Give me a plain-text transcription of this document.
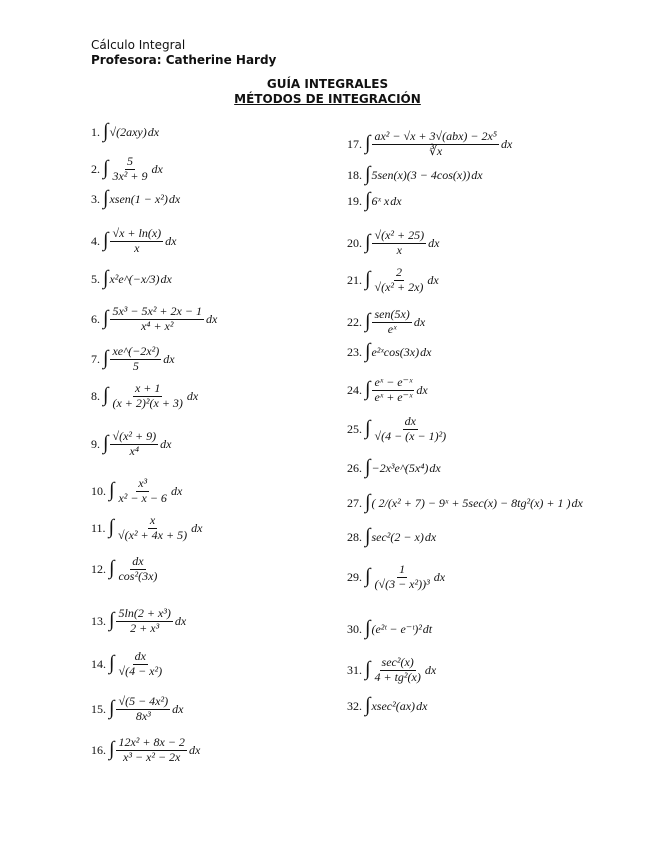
Cálculo Integral
Profesora: Catherine Hardy
GUÍA INTEGRALES
MÉTODOS DE INTEGRACIÓN
1. ∫ √(2axy) dx
2. ∫ $\frac{5}{\text{3x² + 9}}$ dx
3. ∫ xsen(1 − x²) dx
4. ∫ $\frac{√x + \ln(x)}{x}$ dx
5. ∫ x²e^(−x/3) dx
6. ∫ $\frac{\text{5x³ − 5x² + 2x − 1}}{\text{x⁴ + x²}}$ dx
7. ∫ $\frac{\text{xe\textasciicircum{}(−2x²)}}{5}$ dx
8. ∫ $\frac{x + 1}{\text{(x + 2)²(x + 3)}}$ dx
9. ∫ $\frac{\text{√(x² + 9)}}{\text{x⁴}}$ dx
10. ∫ $\frac{\text{x³}}{\text{x² − x − 6}}$ dx
11. ∫ $\frac{x}{\text{√(x² + 4x + 5)}}$ dx
12. ∫ $\frac{dx}{\text{cos²(3x)}}$
13. ∫ $\frac{\text{5ln(2 + x³)}}{\text{2 + x³}}$ dx
14. ∫ $\frac{dx}{\text{√(4 − x²)}}$
15. ∫ $\frac{\text{√(5 − 4x²)}}{\text{8x³}}$ dx
16. ∫ $\frac{\text{12x² + 8x − 2}}{\text{x³ − x² − 2x}}$ dx
17. ∫ $\frac{\text{ax² − √x + 3√(abx) − 2x⁵}}{∛x}$ dx
18. ∫ 5sen(x)(3 − 4cos(x)) dx
19. ∫ 6ˣ x dx
20. ∫ $\frac{\text{√(x² + 25)}}{x}$ dx
21. ∫ $\frac{2}{\text{√(x² + 2x)}}$ dx
22. ∫ $\frac{\text{sen(5x)}}{\text{eˣ}}$ dx
23. ∫ e²ˣcos(3x) dx
24. ∫ $\frac{\text{eˣ − e⁻ˣ}}{\text{eˣ + e⁻ˣ}}$ dx
25. ∫ $\frac{dx}{\text{√(4 − (x − 1)²)}}$
26. ∫ −2x³e^(5x⁴) dx
27. ∫ ( 2/(x² + 7) − 9ˣ + 5sec(x) − 8tg²(x) + 1 ) dx
28. ∫ sec²(2 − x) dx
29. ∫ $\frac{1}{\text{(√(3 − x²))³}}$ dx
30. ∫ (e²ᵗ − e⁻ᵗ)² dt
31. ∫ $\frac{\text{sec²(x)}}{\text{4 + tg²(x)}}$ dx
32. ∫ xsec²(ax) dx
